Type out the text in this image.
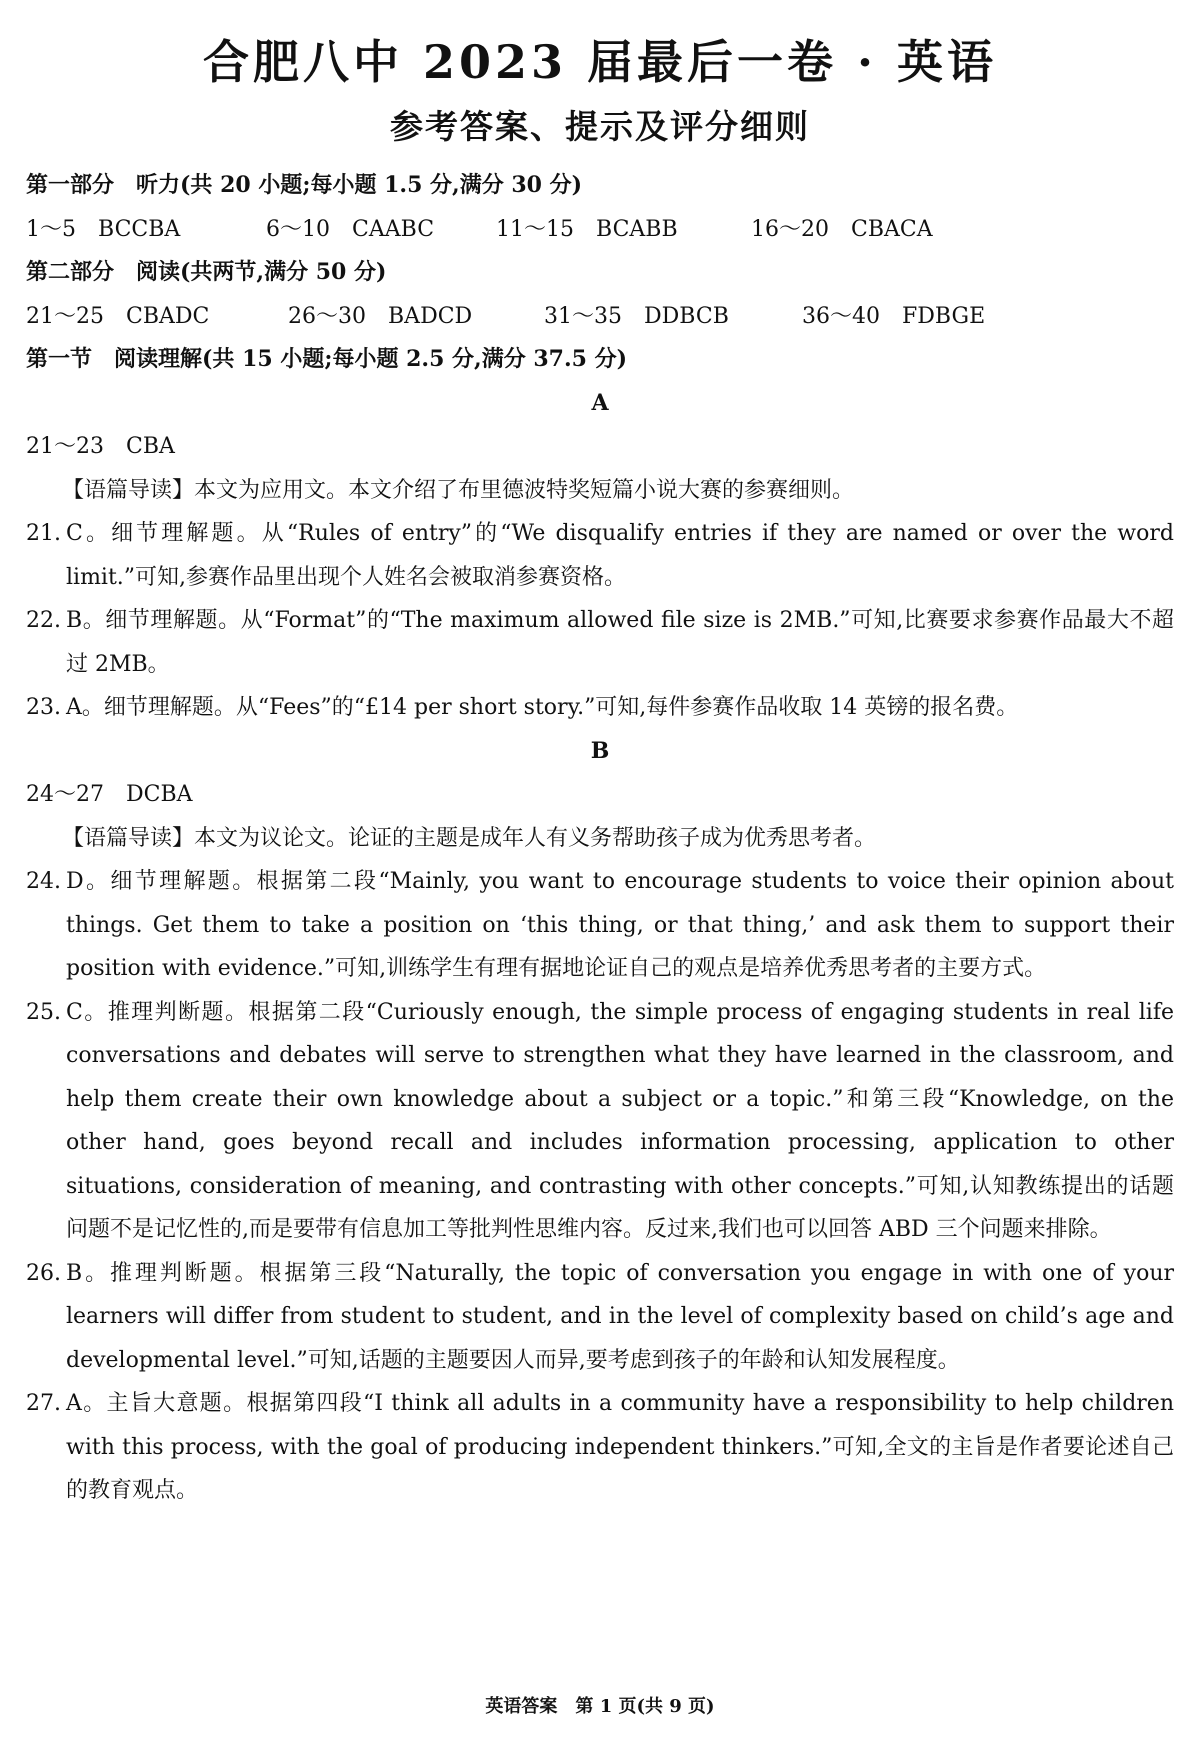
合肥八中 2023 届最后一卷 · 英语
参考答案、提示及评分细则
第一部分　听力(共 20 小题;每小题 1.5 分,满分 30 分)
1～5　 BCCBA	6～10　 CAABC	11～15　 BCABB	16～20　 CBACA
第二部分　阅读(共两节,满分 50 分)
21～25　 CBADC	26～30　 BADCD	31～35　 DDBCB	36～40　 FDBGE
第一节　阅读理解(共 15 小题;每小题 2.5 分,满分 37.5 分)
A
21～23　CBA
【语篇导读】本文为应用文。本文介绍了布里德波特奖短篇小说大赛的参赛细则。
21. C。细节理解题。从“Rules of entry”的“We disqualify entries if they are named or over the word limit.”可知,参赛作品里出现个人姓名会被取消参赛资格。
22. B。细节理解题。从“Format”的“The maximum allowed file size is 2MB.”可知,比赛要求参赛作品最大不超过 2MB。
23. A。细节理解题。从“Fees”的“£14 per short story.”可知,每件参赛作品收取 14 英镑的报名费。
B
24～27　DCBA
【语篇导读】本文为议论文。论证的主题是成年人有义务帮助孩子成为优秀思考者。
24. D。细节理解题。根据第二段“Mainly, you want to encourage students to voice their opinion about things. Get them to take a position on ‘this thing, or that thing,’ and ask them to support their position with evidence.”可知,训练学生有理有据地论证自己的观点是培养优秀思考者的主要方式。
25. C。推理判断题。根据第二段“Curiously enough, the simple process of engaging students in real life conversations and debates will serve to strengthen what they have learned in the classroom, and help them create their own knowledge about a subject or a topic.”和第三段“Knowledge, on the other hand, goes beyond recall and includes information processing, application to other situations, consideration of meaning, and contrasting with other concepts.”可知,认知教练提出的话题问题不是记忆性的,而是要带有信息加工等批判性思维内容。反过来,我们也可以回答 ABD 三个问题来排除。
26. B。推理判断题。根据第三段“Naturally, the topic of conversation you engage in with one of your learners will differ from student to student, and in the level of complexity based on child’s age and developmental level.”可知,话题的主题要因人而异,要考虑到孩子的年龄和认知发展程度。
27. A。主旨大意题。根据第四段“I think all adults in a community have a responsibility to help children with this process, with the goal of producing independent thinkers.”可知,全文的主旨是作者要论述自己的教育观点。
英语答案　第 1 页(共 9 页)
